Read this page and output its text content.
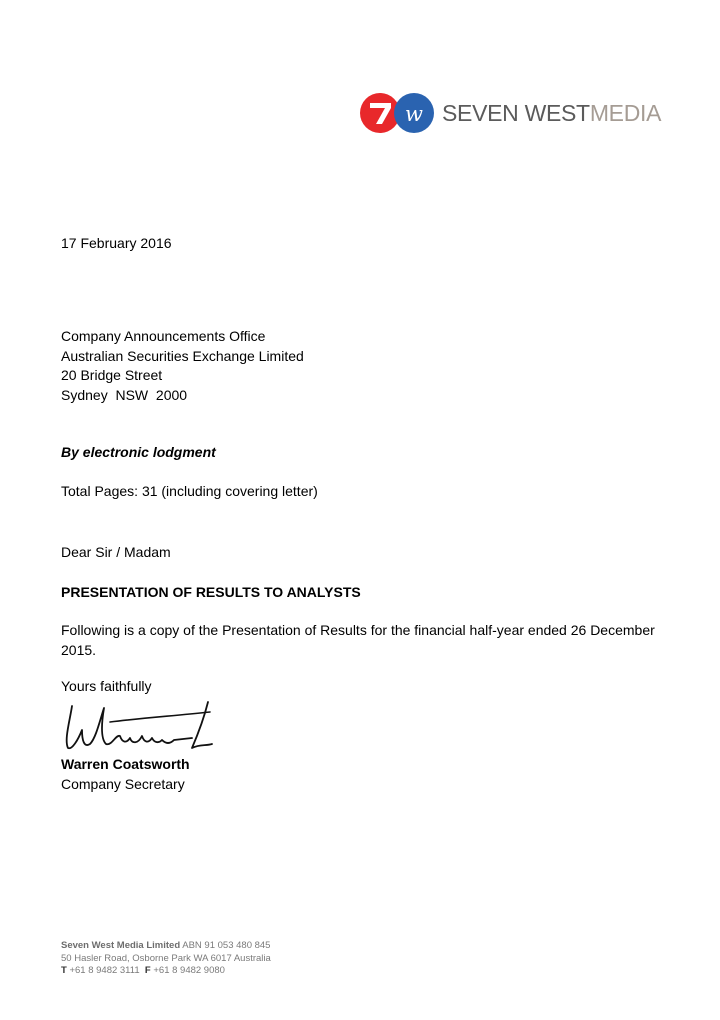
w SEVEN WESTMEDIA
17 February 2016
Company Announcements Office
Australian Securities Exchange Limited
20 Bridge Street
Sydney  NSW  2000
By electronic lodgment
Total Pages: 31 (including covering letter)
Dear Sir / Madam
PRESENTATION OF RESULTS TO ANALYSTS
Following is a copy of the Presentation of Results for the financial half-year ended 26 December 2015.
Yours faithfully
Warren Coatsworth
Company Secretary
Seven West Media Limited ABN 91 053 480 845
50 Hasler Road, Osborne Park WA 6017 Australia
T +61 8 9482 3111  F +61 8 9482 9080
